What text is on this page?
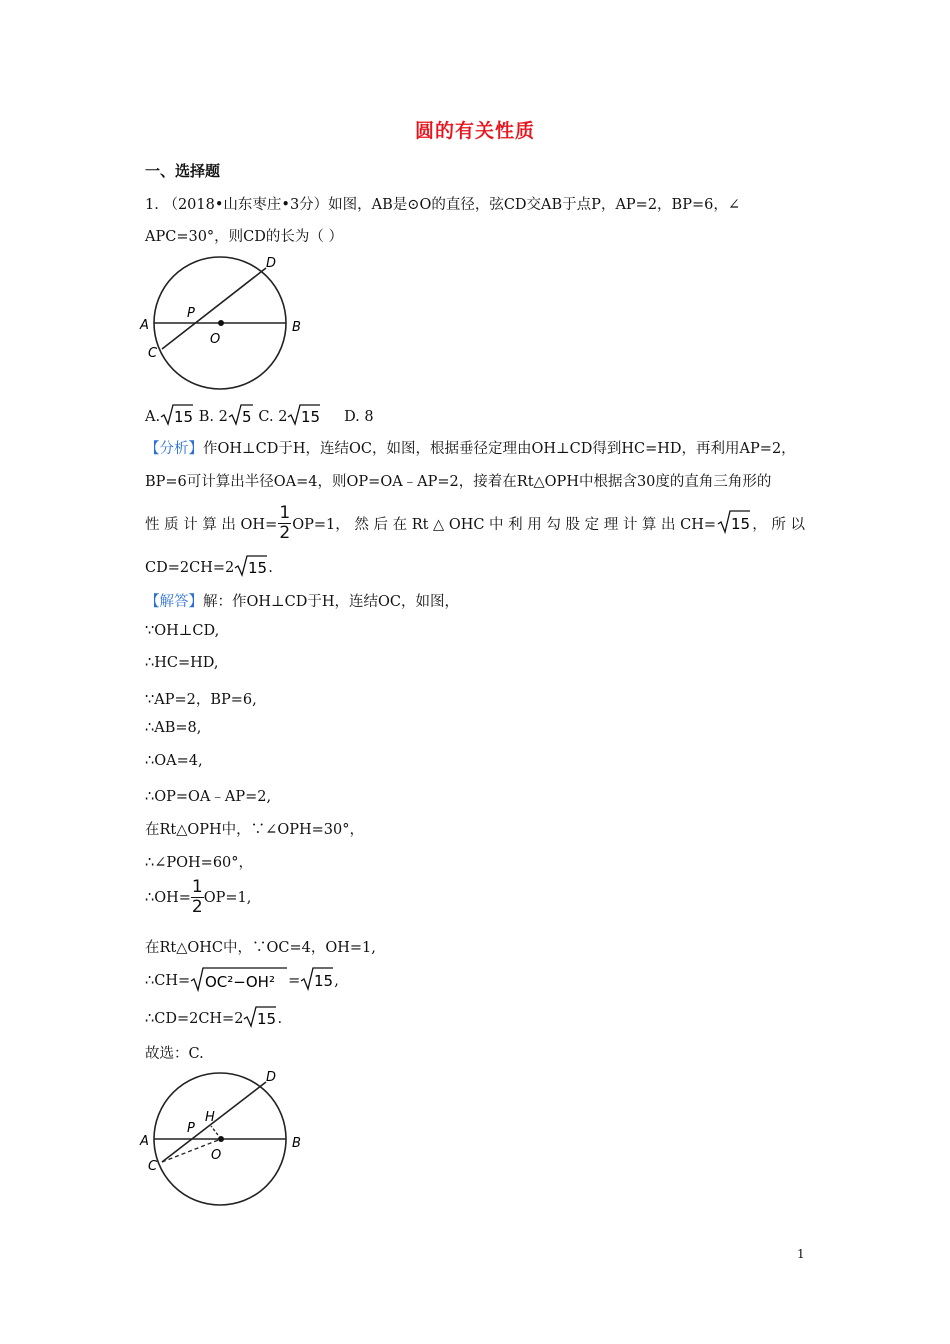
圆的有关性质
一、选择题
1. （2018•山东枣庄•3分）如图，AB是⊙O的直径，弦CD交AB于点P，AP=2，BP=6，∠
APC=30°，则CD的长为（ ）
A	B
C
D
O
P
A. 15 B. 2 5 C. 2 15 D. 8
【分析】作OH⊥CD于H，连结OC，如图，根据垂径定理由OH⊥CD得到HC=HD，再利用AP=2，
BP=6可计算出半径OA=4，则OP=OA﹣AP=2，接着在Rt△OPH中根据含30度的直角三角形的
性 质 计 算 出 $OH= \frac{1}{2} OP=1$， 然 后 在 Rt △ OHC 中 利 用 勾 股 定 理 计 算 出 CH= 15 ， 所 以
CD=2CH=2 15 .
【解答】解：作OH⊥CD于H，连结OC，如图，
∵OH⊥CD,
∴HC=HD,
∵AP=2，BP=6,
∴AB=8,
∴OA=4,
∴OP=OA﹣AP=2,
在Rt△OPH中，∵∠OPH=30°，
∴∠POH=60°，
∴OH= $\frac{1}{2} OP=1$,
在Rt△OHC中，∵OC=4，OH=1,
∴CH= OC²−OH² = 15 ,
∴CD=2CH=2 15 .
故选：C.
A	B
C
D
O
P
H
1
